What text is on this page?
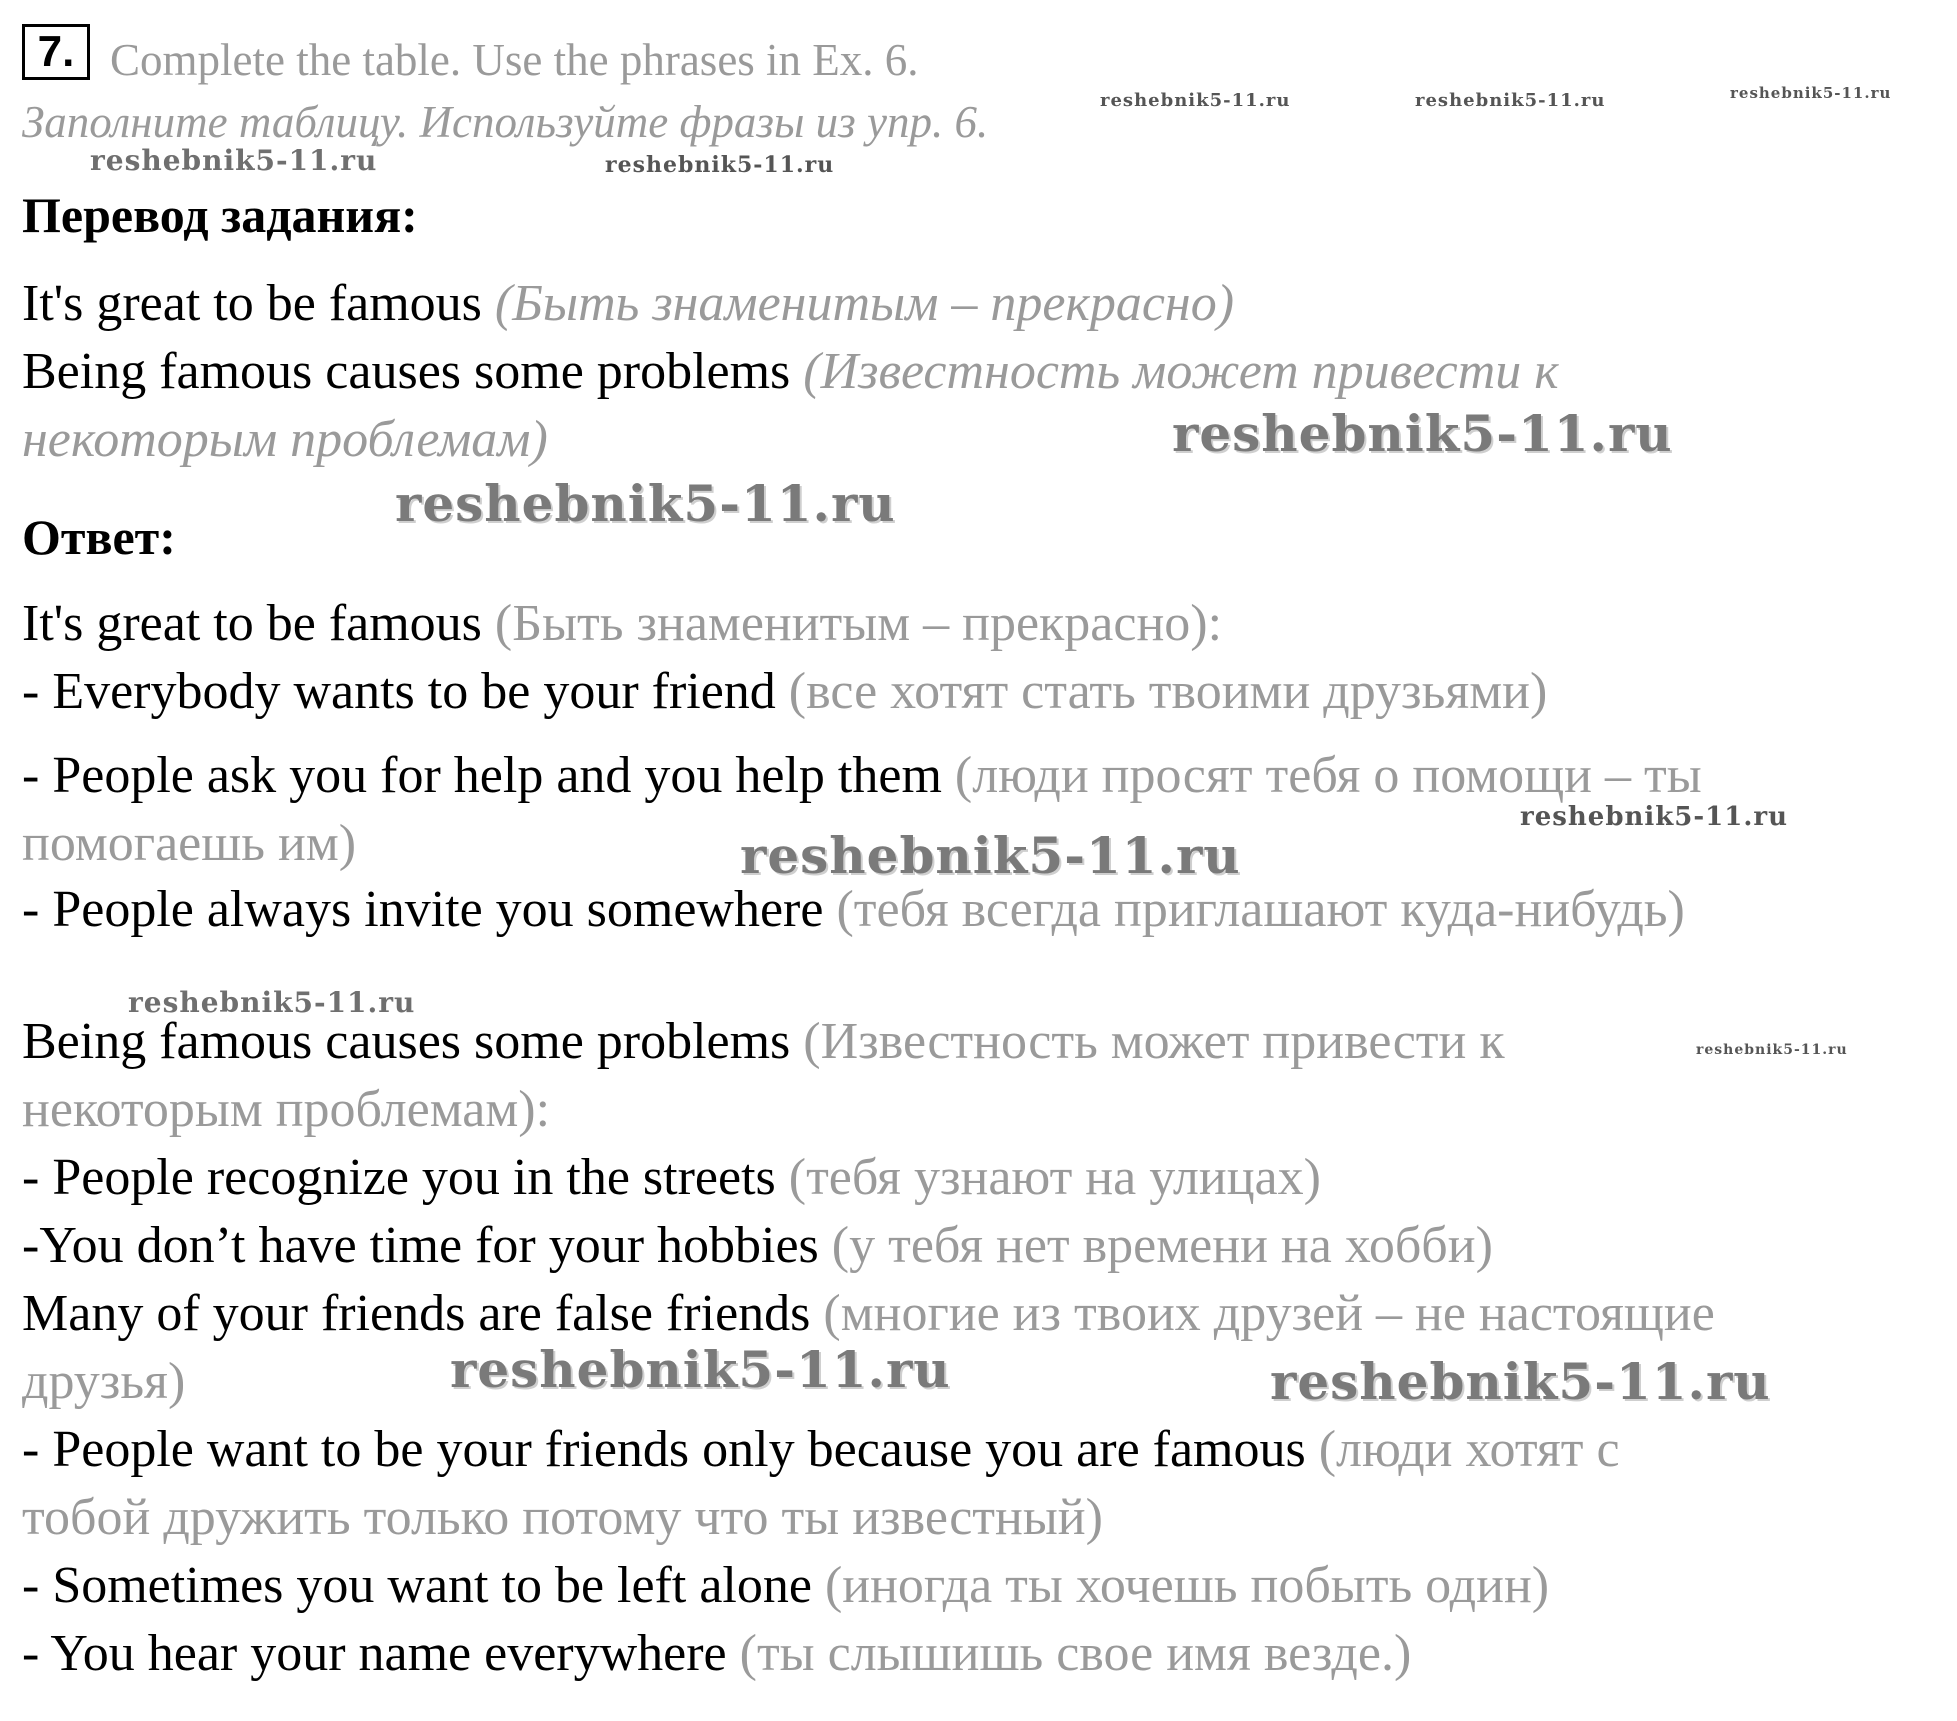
7. Complete the table. Use the phrases in Ex. 6.
Заполните таблицу. Используйте фразы из упр. 6.
Перевод задания:
It's great to be famous (Быть знаменитым – прекрасно)
Being famous causes some problems (Известность может привести к
некоторым проблемам)
Ответ:
It's great to be famous (Быть знаменитым – прекрасно):
- Everybody wants to be your friend (все хотят стать твоими друзьями)
- People ask you for help and you help them (люди просят тебя о помощи – ты
помогаешь им)
- People always invite you somewhere (тебя всегда приглашают куда-нибудь)
Being famous causes some problems (Известность может привести к
некоторым проблемам):
- People recognize you in the streets (тебя узнают на улицах)
-You don’t have time for your hobbies (у тебя нет времени на хобби)
Many of your friends are false friends (многие из твоих друзей – не настоящие
друзья)
- People want to be your friends only because you are famous (люди хотят с
тобой дружить только потому что ты известный)
- Sometimes you want to be left alone (иногда ты хочешь побыть один)
- You hear your name everywhere (ты слышишь свое имя везде.)
reshebnik5-11.ru	reshebnik5-11.ru	reshebnik5-11.ru
reshebnik5-11.ru	reshebnik5-11.ru
reshebnik5-11.ru
reshebnik5-11.ru
reshebnik5-11.ru
reshebnik5-11.ru
reshebnik5-11.ru
reshebnik5-11.ru
reshebnik5-11.ru	reshebnik5-11.ru
